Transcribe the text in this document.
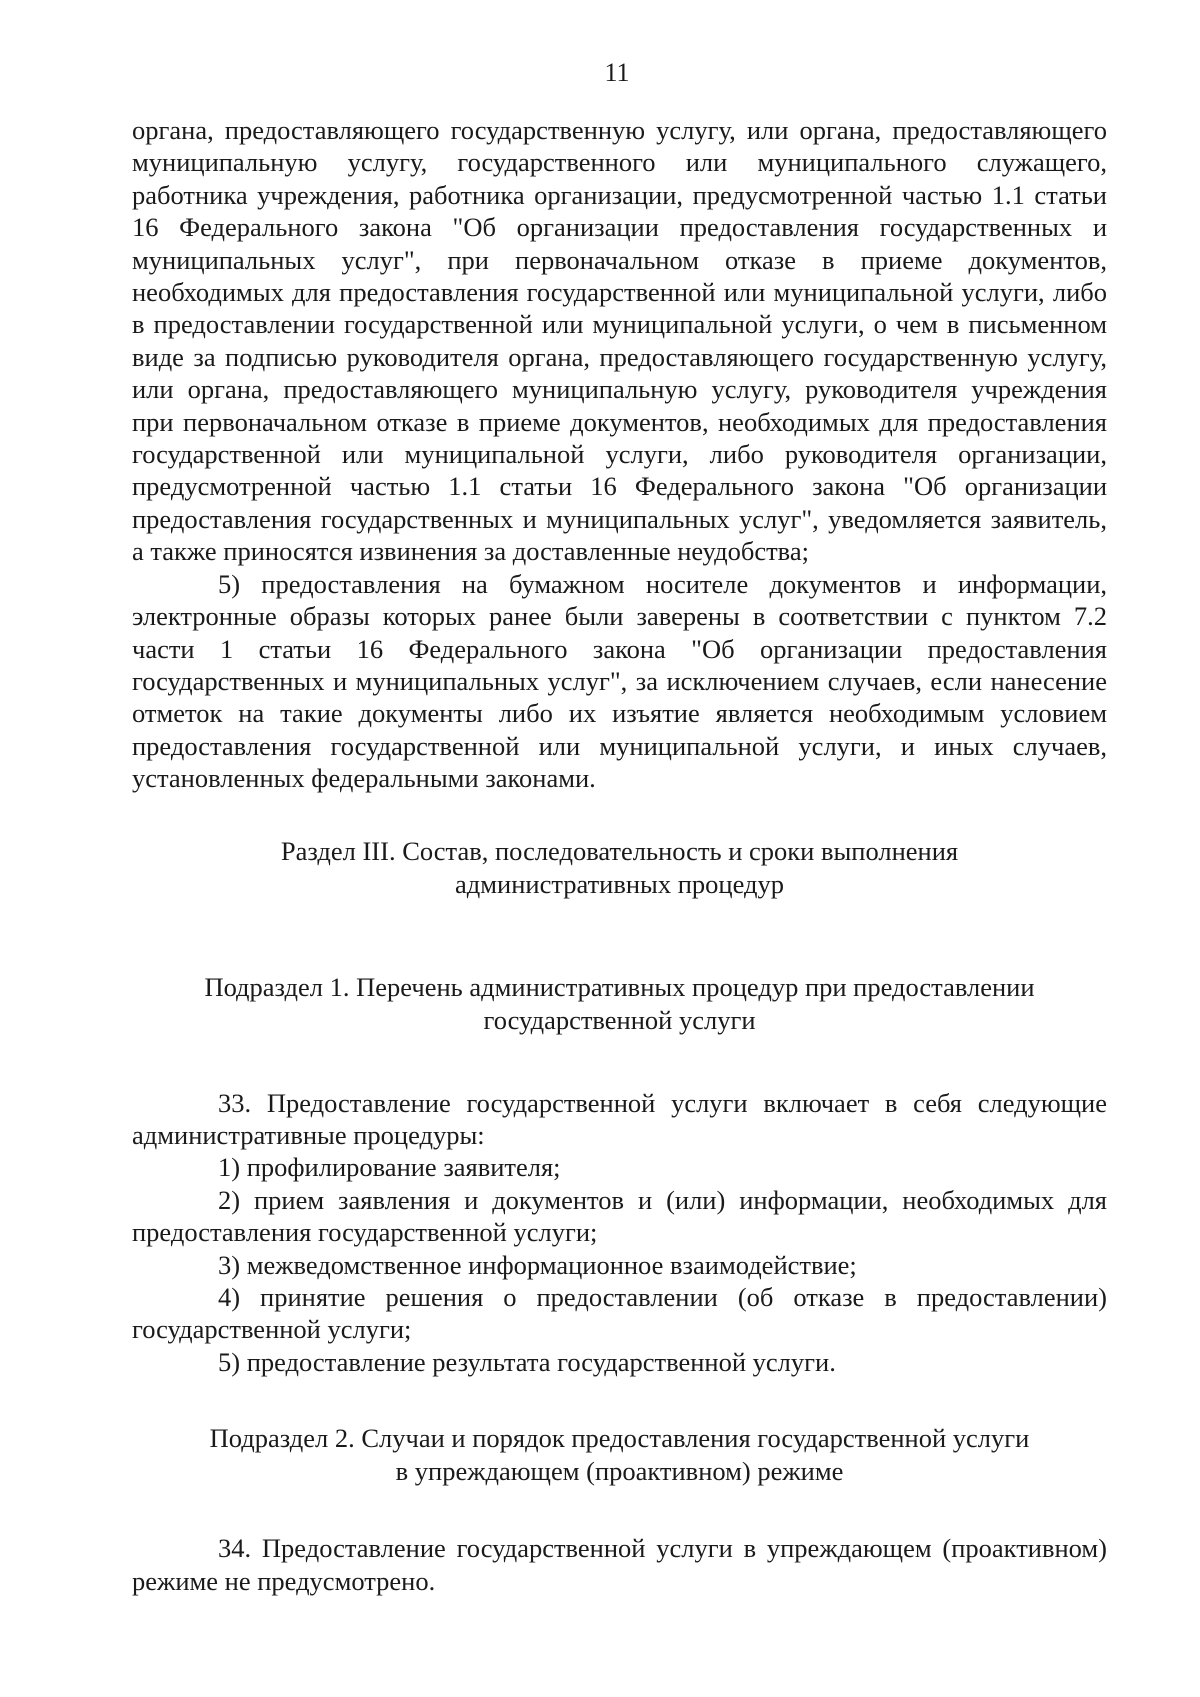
11

органа, предоставляющего государственную услугу, или органа, предоставляющего муниципальную услугу, государственного или муниципального служащего, работника учреждения, работника организации, предусмотренной частью 1.1 статьи 16 Федерального закона "Об организации предоставления государственных и муниципальных услуг", при первоначальном отказе в приеме документов, необходимых для предоставления государственной или муниципальной услуги, либо в предоставлении государственной или муниципальной услуги, о чем в письменном виде за подписью руководителя органа, предоставляющего государственную услугу, или органа, предоставляющего муниципальную услугу, руководителя учреждения при первоначальном отказе в приеме документов, необходимых для предоставления государственной или муниципальной услуги, либо руководителя организации, предусмотренной частью 1.1 статьи 16 Федерального закона "Об организации предоставления государственных и муниципальных услуг", уведомляется заявитель, а также приносятся извинения за доставленные неудобства;

5) предоставления на бумажном носителе документов и информации, электронные образы которых ранее были заверены в соответствии с пунктом 7.2 части 1 статьи 16 Федерального закона "Об организации предоставления государственных и муниципальных услуг", за исключением случаев, если нанесение отметок на такие документы либо их изъятие является необходимым условием предоставления государственной или муниципальной услуги, и иных случаев, установленных федеральными законами.

Раздел III. Состав, последовательность и сроки выполнения
административных процедур
Подраздел 1. Перечень административных процедур при предоставлении
государственной услуги

33. Предоставление государственной услуги включает в себя следующие административные процедуры:

1) профилирование заявителя;

2) прием заявления и документов и (или) информации, необходимых для предоставления государственной услуги;

3) межведомственное информационное взаимодействие;

4) принятие решения о предоставлении (об отказе в предоставлении) государственной услуги;

5) предоставление результата государственной услуги.

Подраздел 2. Случаи и порядок предоставления государственной услуги
в упреждающем (проактивном) режиме

34. Предоставление государственной услуги в упреждающем (проактивном) режиме не предусмотрено.
